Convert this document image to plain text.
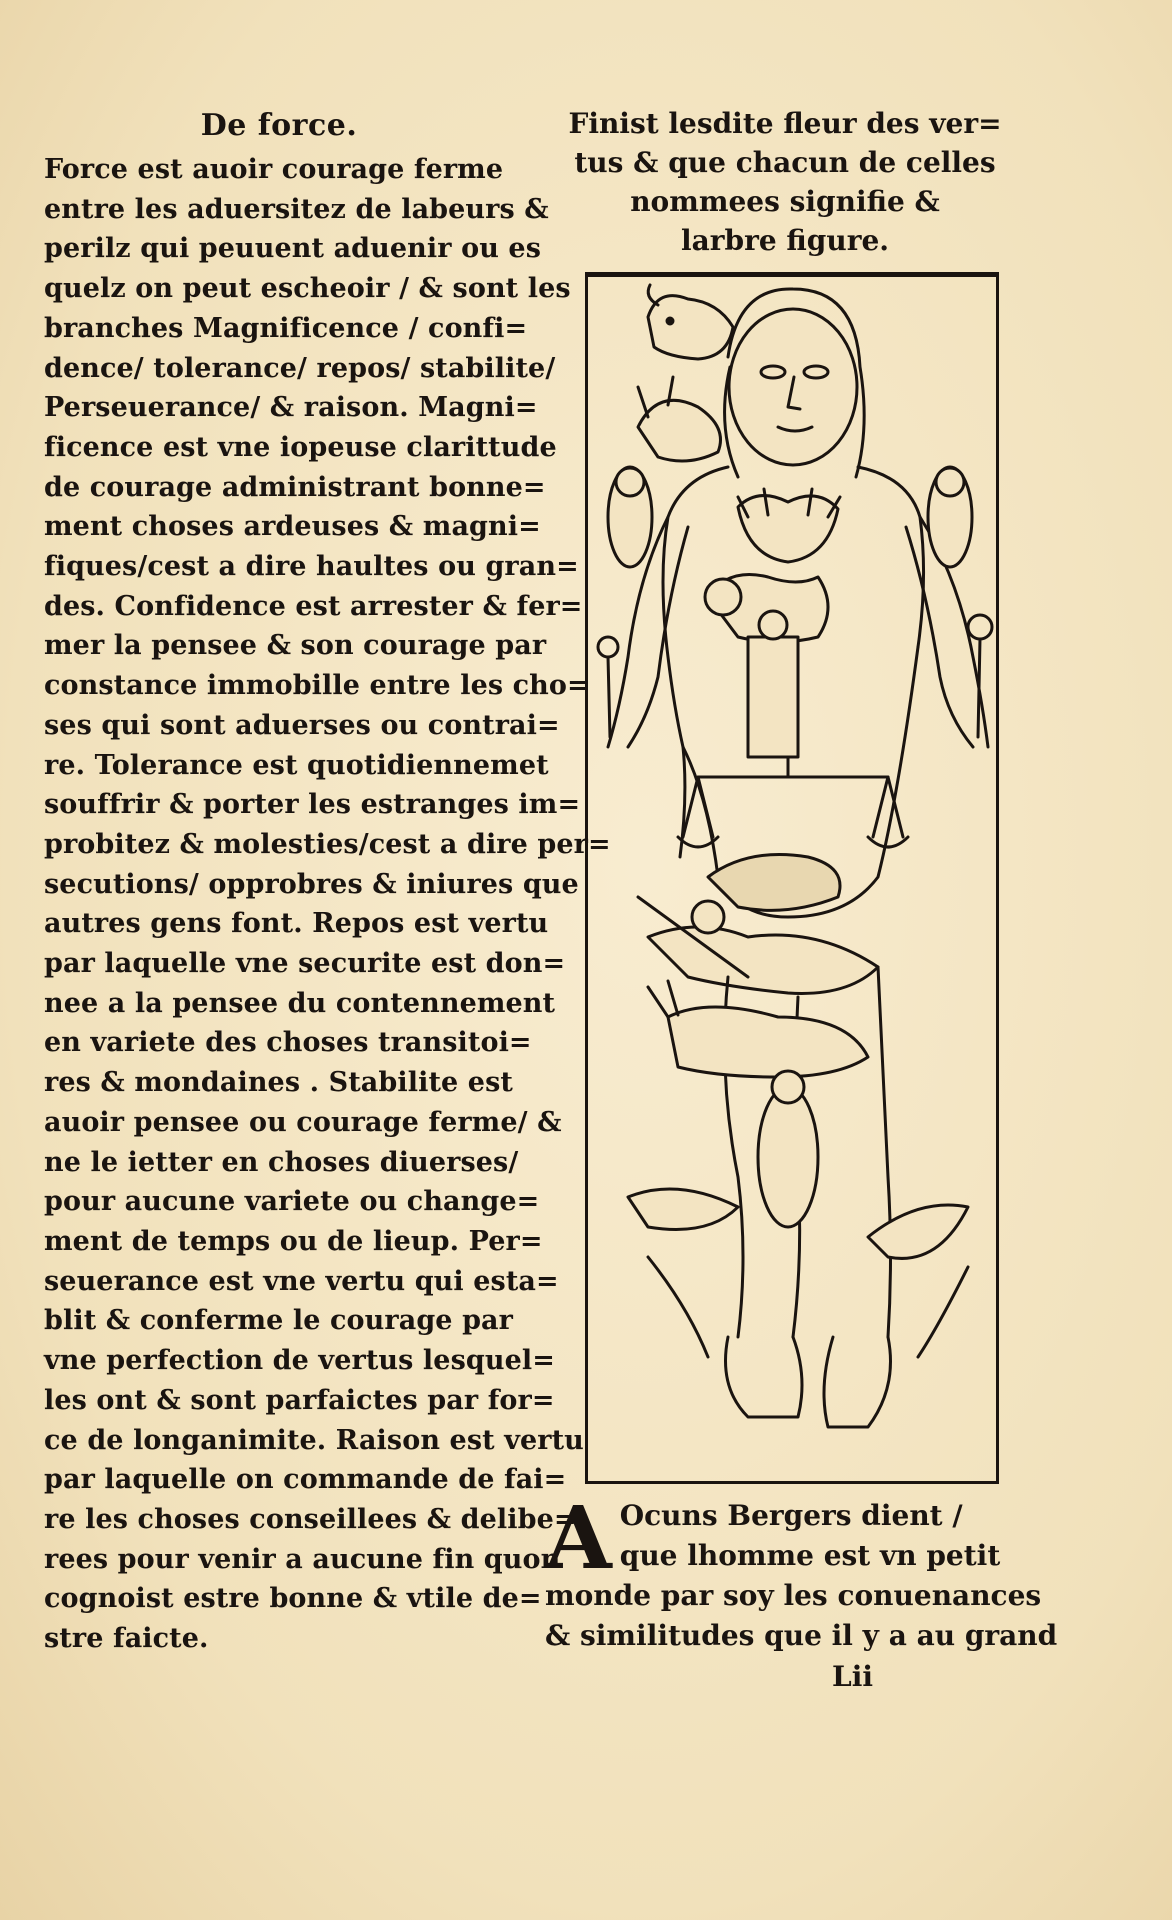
De force.
Force est auoir courage ferme
entre les aduersitez de labeurs &
perilz qui peuuent aduenir ou es
quelz on peut escheoir / & sont les
branches Magnificence / confi=
dence/ tolerance/ repos/ stabilite/
Perseuerance/ & raison. Magni=
ficence est vne iopeuse clarittude
de courage administrant bonne=
ment choses ardeuses & magni=
fiques/cest a dire haultes ou gran=
des. Confidence est arrester & fer=
mer la pensee & son courage par
constance immobille entre les cho=
ses qui sont aduerses ou contrai=
re. Tolerance est quotidiennemet
souffrir & porter les estranges im=
probitez & molesties/cest a dire per=
secutions/ opprobres & iniures que
autres gens font. Repos est vertu
par laquelle vne securite est don=
nee a la pensee du contennement
en variete des choses transitoi=
res & mondaines . Stabilite est
auoir pensee ou courage ferme/ &
ne le ietter en choses diuerses/
pour aucune variete ou change=
ment de temps ou de lieup. Per=
seuerance est vne vertu qui esta=
blit & conferme le courage par
vne perfection de vertus lesquel=
les ont & sont parfaictes par for=
ce de longanimite. Raison est vertu
par laquelle on commande de fai=
re les choses conseillees & delibe=
rees pour venir a aucune fin quon
cognoist estre bonne & vtile de=
stre faicte.
Finist lesdite fleur des ver=
tus & que chacun de celles
nommees signifie &
larbre figure.
A Ocuns Bergers dient /
que lhomme est vn petit
monde par soy les conuenances
& similitudes que il y a au grand
Lii
